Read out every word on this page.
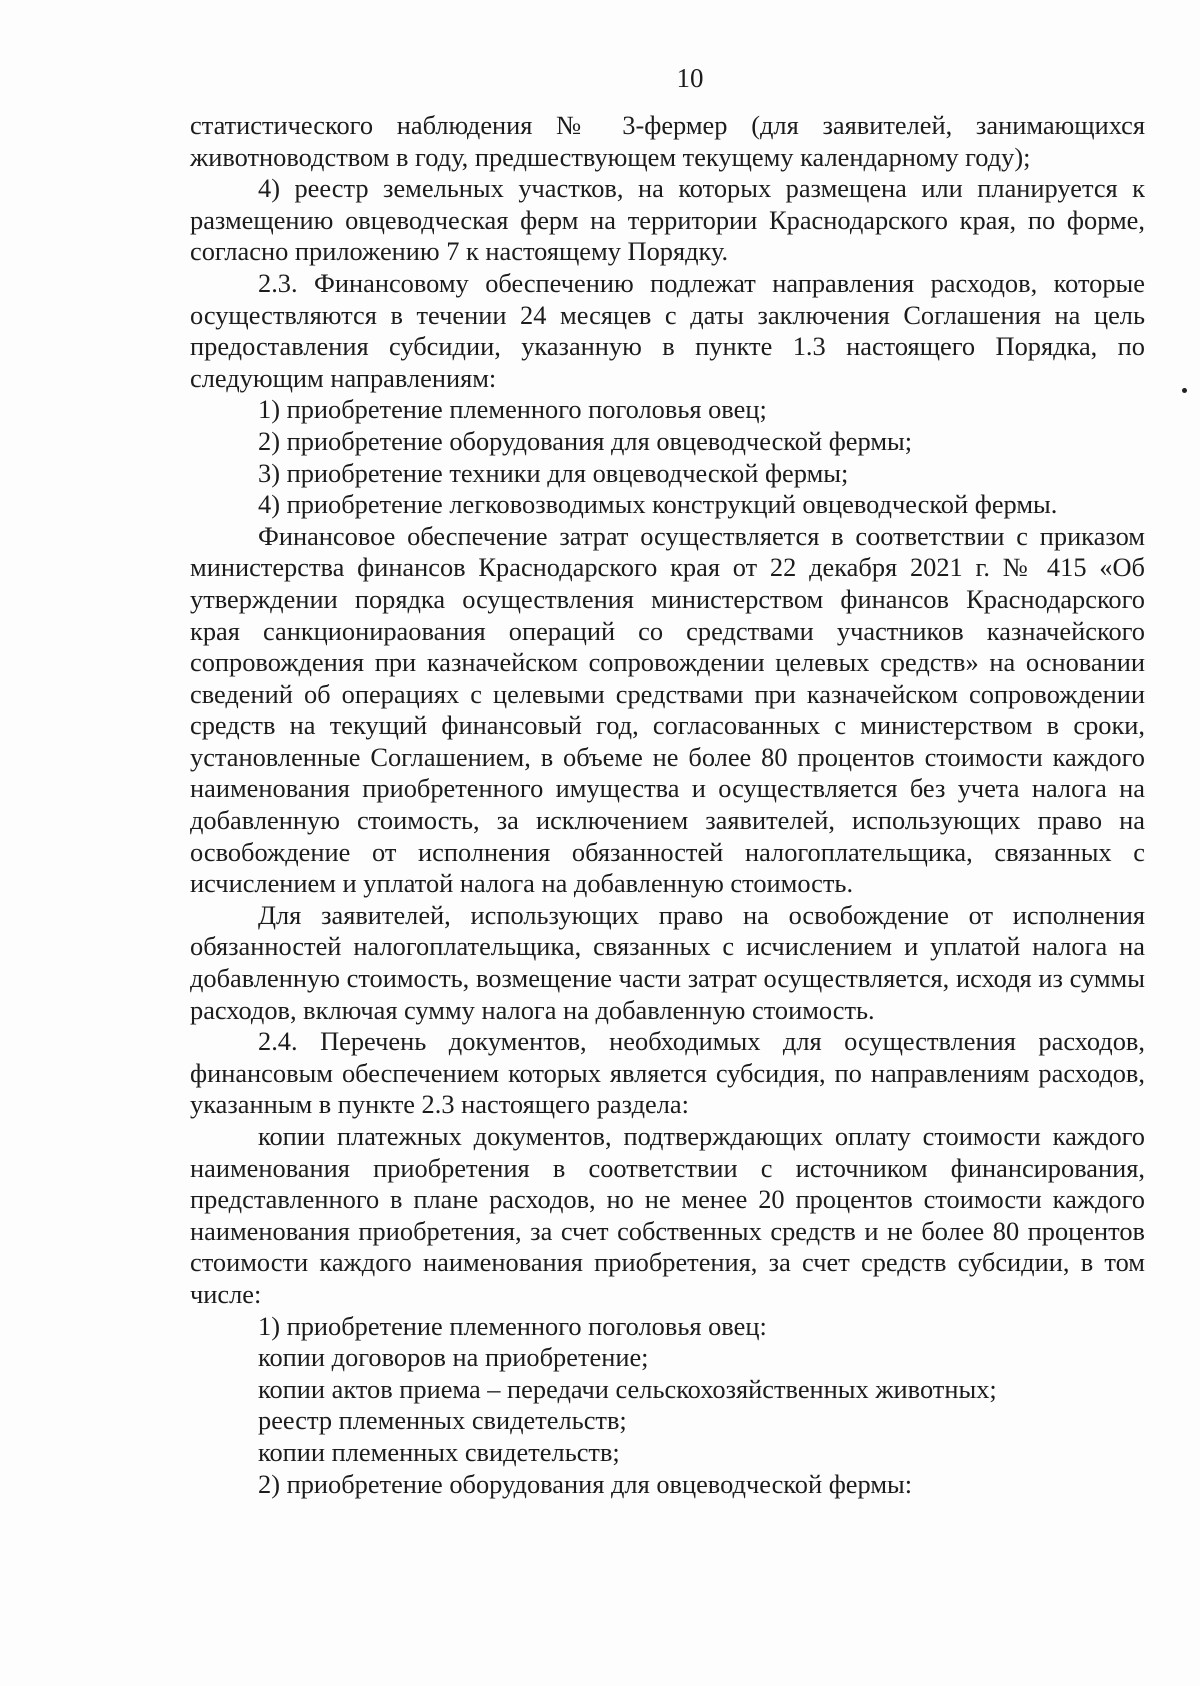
10

статистического наблюдения № 3-фермер (для заявителей, занимающихся животноводством в году, предшествующем текущему календарному году);

4) реестр земельных участков, на которых размещена или планируется к размещению овцеводческая ферм на территории Краснодарского края, по форме, согласно приложению 7 к настоящему Порядку.

2.3. Финансовому обеспечению подлежат направления расходов, которые осуществляются в течении 24 месяцев с даты заключения Соглашения на цель предоставления субсидии, указанную в пункте 1.3 настоящего Порядка, по следующим направлениям:

1) приобретение племенного поголовья овец;

2) приобретение оборудования для овцеводческой фермы;

3) приобретение техники для овцеводческой фермы;

4) приобретение легковозводимых конструкций овцеводческой фермы.

Финансовое обеспечение затрат осуществляется в соответствии с приказом министерства финансов Краснодарского края от 22 декабря 2021 г. № 415 «Об утверждении порядка осуществления министерством финансов Краснодарского края санкционираования операций со средствами участников казначейского сопровождения при казначейском сопровождении целевых средств» на основании сведений об операциях с целевыми средствами при казначейском сопровождении средств на текущий финансовый год, согласованных с министерством в сроки, установленные Соглашением, в объеме не более 80 процентов стоимости каждого наименования приобретенного имущества и осуществляется без учета налога на добавленную стоимость, за исключением заявителей, использующих право на освобождение от исполнения обязанностей налогоплательщика, связанных с исчислением и уплатой налога на добавленную стоимость.

Для заявителей, использующих право на освобождение от исполнения обязанностей налогоплательщика, связанных с исчислением и уплатой налога на добавленную стоимость, возмещение части затрат осуществляется, исходя из суммы расходов, включая сумму налога на добавленную стоимость.

2.4. Перечень документов, необходимых для осуществления расходов, финансовым обеспечением которых является субсидия, по направлениям расходов, указанным в пункте 2.3 настоящего раздела:

копии платежных документов, подтверждающих оплату стоимости каждого наименования приобретения в соответствии с источником финансирования, представленного в плане расходов, но не менее 20 процентов стоимости каждого наименования приобретения, за счет собственных средств и не более 80 процентов стоимости каждого наименования приобретения, за счет средств субсидии, в том числе:

1) приобретение племенного поголовья овец:

копии договоров на приобретение;

копии актов приема – передачи сельскохозяйственных животных;

реестр племенных свидетельств;

копии племенных свидетельств;

2) приобретение оборудования для овцеводческой фермы:
